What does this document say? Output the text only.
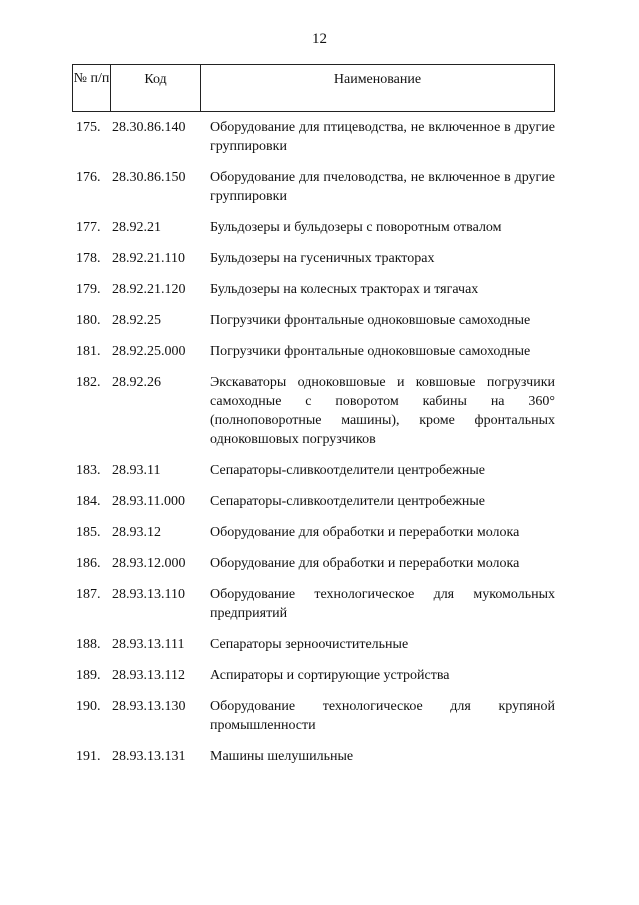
12
№ п/п	Код	Наименование
175. 28.30.86.140	Оборудование для птицеводства, не включенное в другие группировки
176. 28.30.86.150	Оборудование для пчеловодства, не включенное в другие группировки
177. 28.92.21	Бульдозеры и бульдозеры с поворотным отвалом
178. 28.92.21.110	Бульдозеры на гусеничных тракторах
179. 28.92.21.120	Бульдозеры на колесных тракторах и тягачах
180. 28.92.25	Погрузчики фронтальные одноковшовые самоходные
181. 28.92.25.000	Погрузчики фронтальные одноковшовые самоходные
182. 28.92.26	Экскаваторы одноковшовые и ковшовые погрузчики самоходные с поворотом кабины на 360° (полноповоротные машины), кроме фронтальных одноковшовых погрузчиков
183. 28.93.11	Сепараторы-сливкоотделители центробежные
184. 28.93.11.000	Сепараторы-сливкоотделители центробежные
185. 28.93.12	Оборудование для обработки и переработки молока
186. 28.93.12.000	Оборудование для обработки и переработки молока
187. 28.93.13.110	Оборудование технологическое для мукомольных предприятий
188. 28.93.13.111	Сепараторы зерноочистительные
189. 28.93.13.112	Аспираторы и сортирующие устройства
190. 28.93.13.130	Оборудование технологическое для крупяной промышленности
191. 28.93.13.131	Машины шелушильные
